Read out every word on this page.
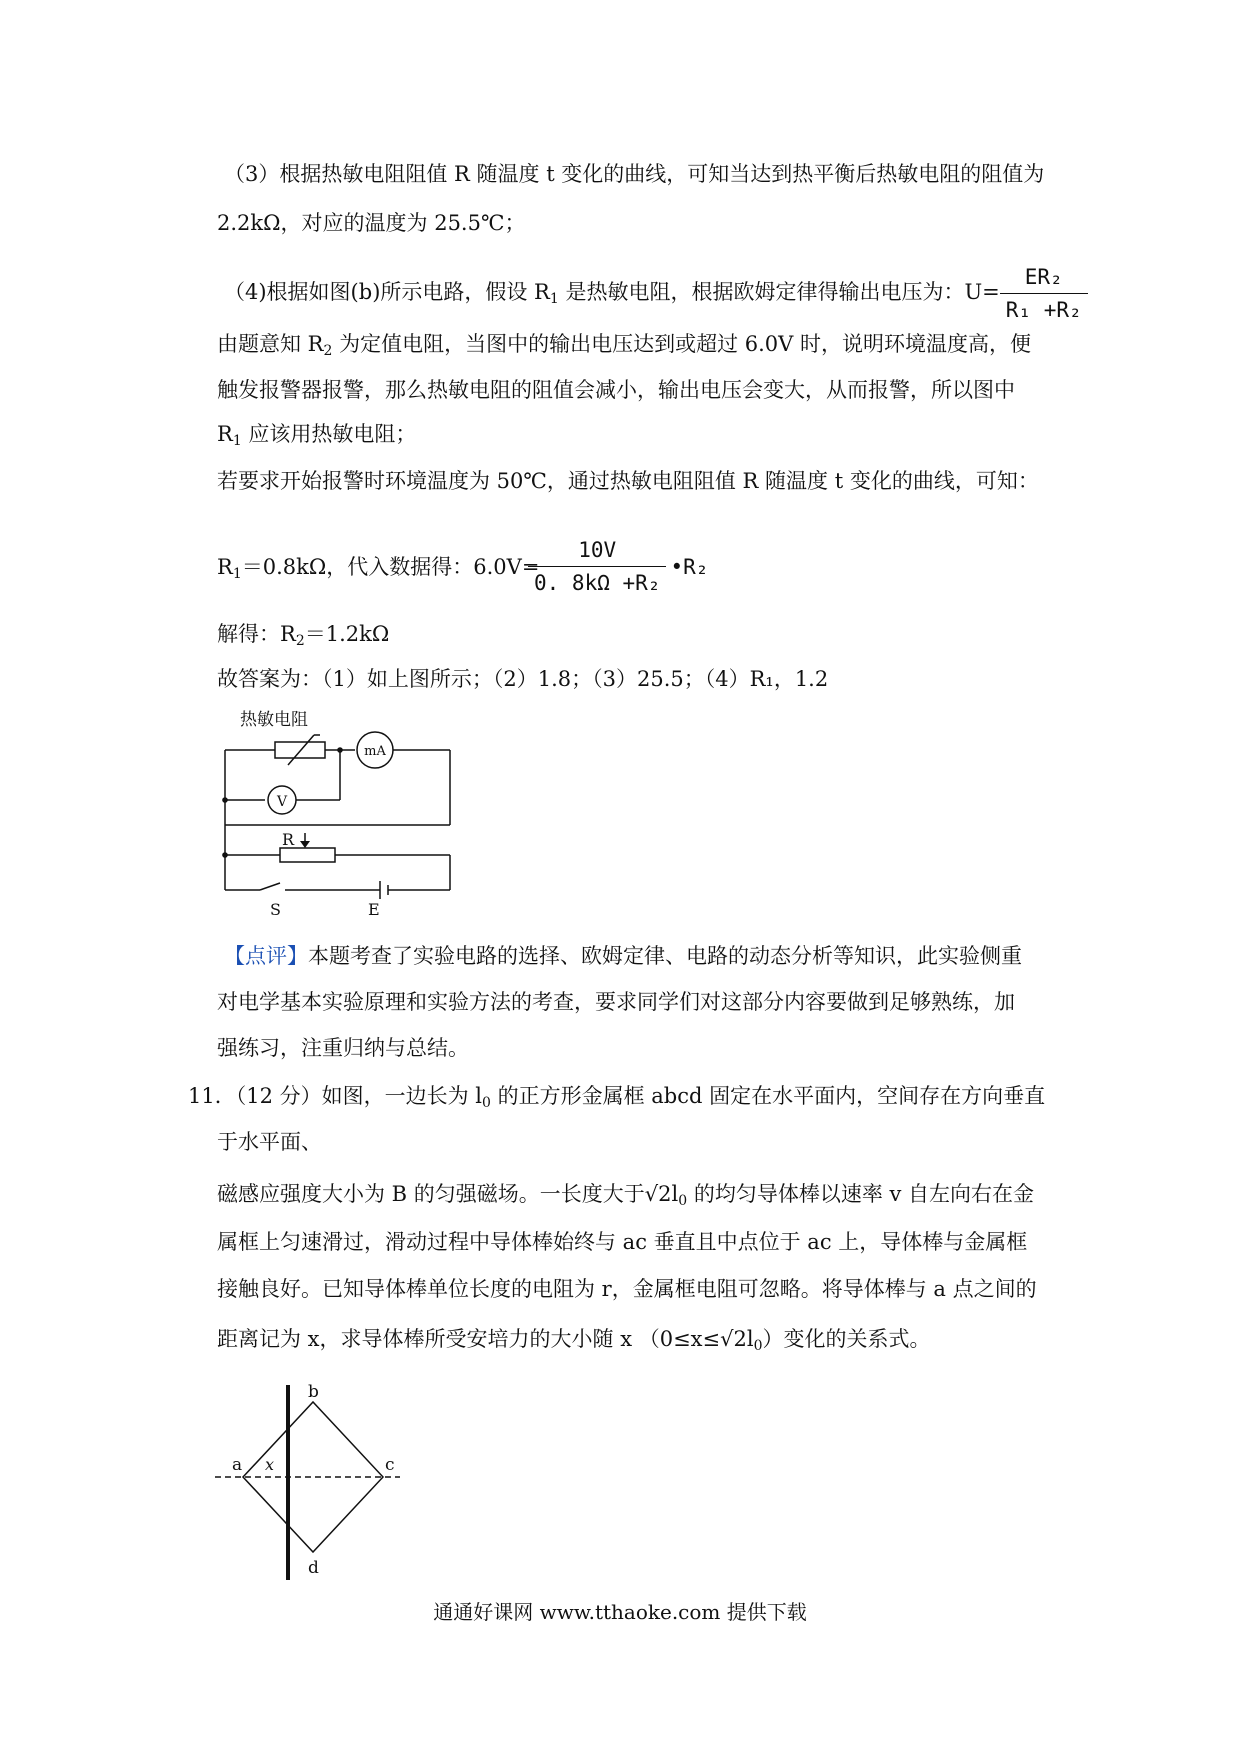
（3）根据热敏电阻阻值 R 随温度 t 变化的曲线，可知当达到热平衡后热敏电阻的阻值为
2.2kΩ，对应的温度为 25.5℃；
（4)根据如图(b)所示电路，假设 $R_1$ 是热敏电阻，根据欧姆定律得输出电压为：$U= \frac{\text{ER₂}}{\text{R₁ +R₂}}$
由题意知 $R_2$ 为定值电阻，当图中的输出电压达到或超过 6.0V 时，说明环境温度高，便
触发报警器报警，那么热敏电阻的阻值会减小，输出电压会变大，从而报警，所以图中
$R_1$ 应该用热敏电阻；
若要求开始报警时环境温度为 50℃，通过热敏电阻阻值 R 随温度 t 变化的曲线，可知：
$R_1=0.8k\Omega$，代入数据得：6.0V=
$\frac{10V}{\text{0. 8kΩ +R₂}}$ •R₂
解得：$R_2=1.2k\Omega$
故答案为：（1）如上图所示；（2）1.8；（3）25.5；（4）R₁，1.2
热敏电阻
mA
V
R
S	E
【点评】本题考查了实验电路的选择、欧姆定律、电路的动态分析等知识，此实验侧重
对电学基本实验原理和实验方法的考查，要求同学们对这部分内容要做到足够熟练，加
强练习，注重归纳与总结。
11．（12 分）如图，一边长为 $l_0$ 的正方形金属框 abcd 固定在水平面内，空间存在方向垂直
于水平面、
磁感应强度大小为 B 的匀强磁场。一长度大于$√2l_0$ 的均匀导体棒以速率 v 自左向右在金
属框上匀速滑过，滑动过程中导体棒始终与 ac 垂直且中点位于 ac 上，导体棒与金属框
接触良好。已知导体棒单位长度的电阻为 r，金属框电阻可忽略。将导体棒与 a 点之间的
距离记为 x，求导体棒所受安培力的大小随 x $(0\le x\le√2l_0)$变化的关系式。
a
b
c
d
x
通通好课网 www.tthaoke.com 提供下载
